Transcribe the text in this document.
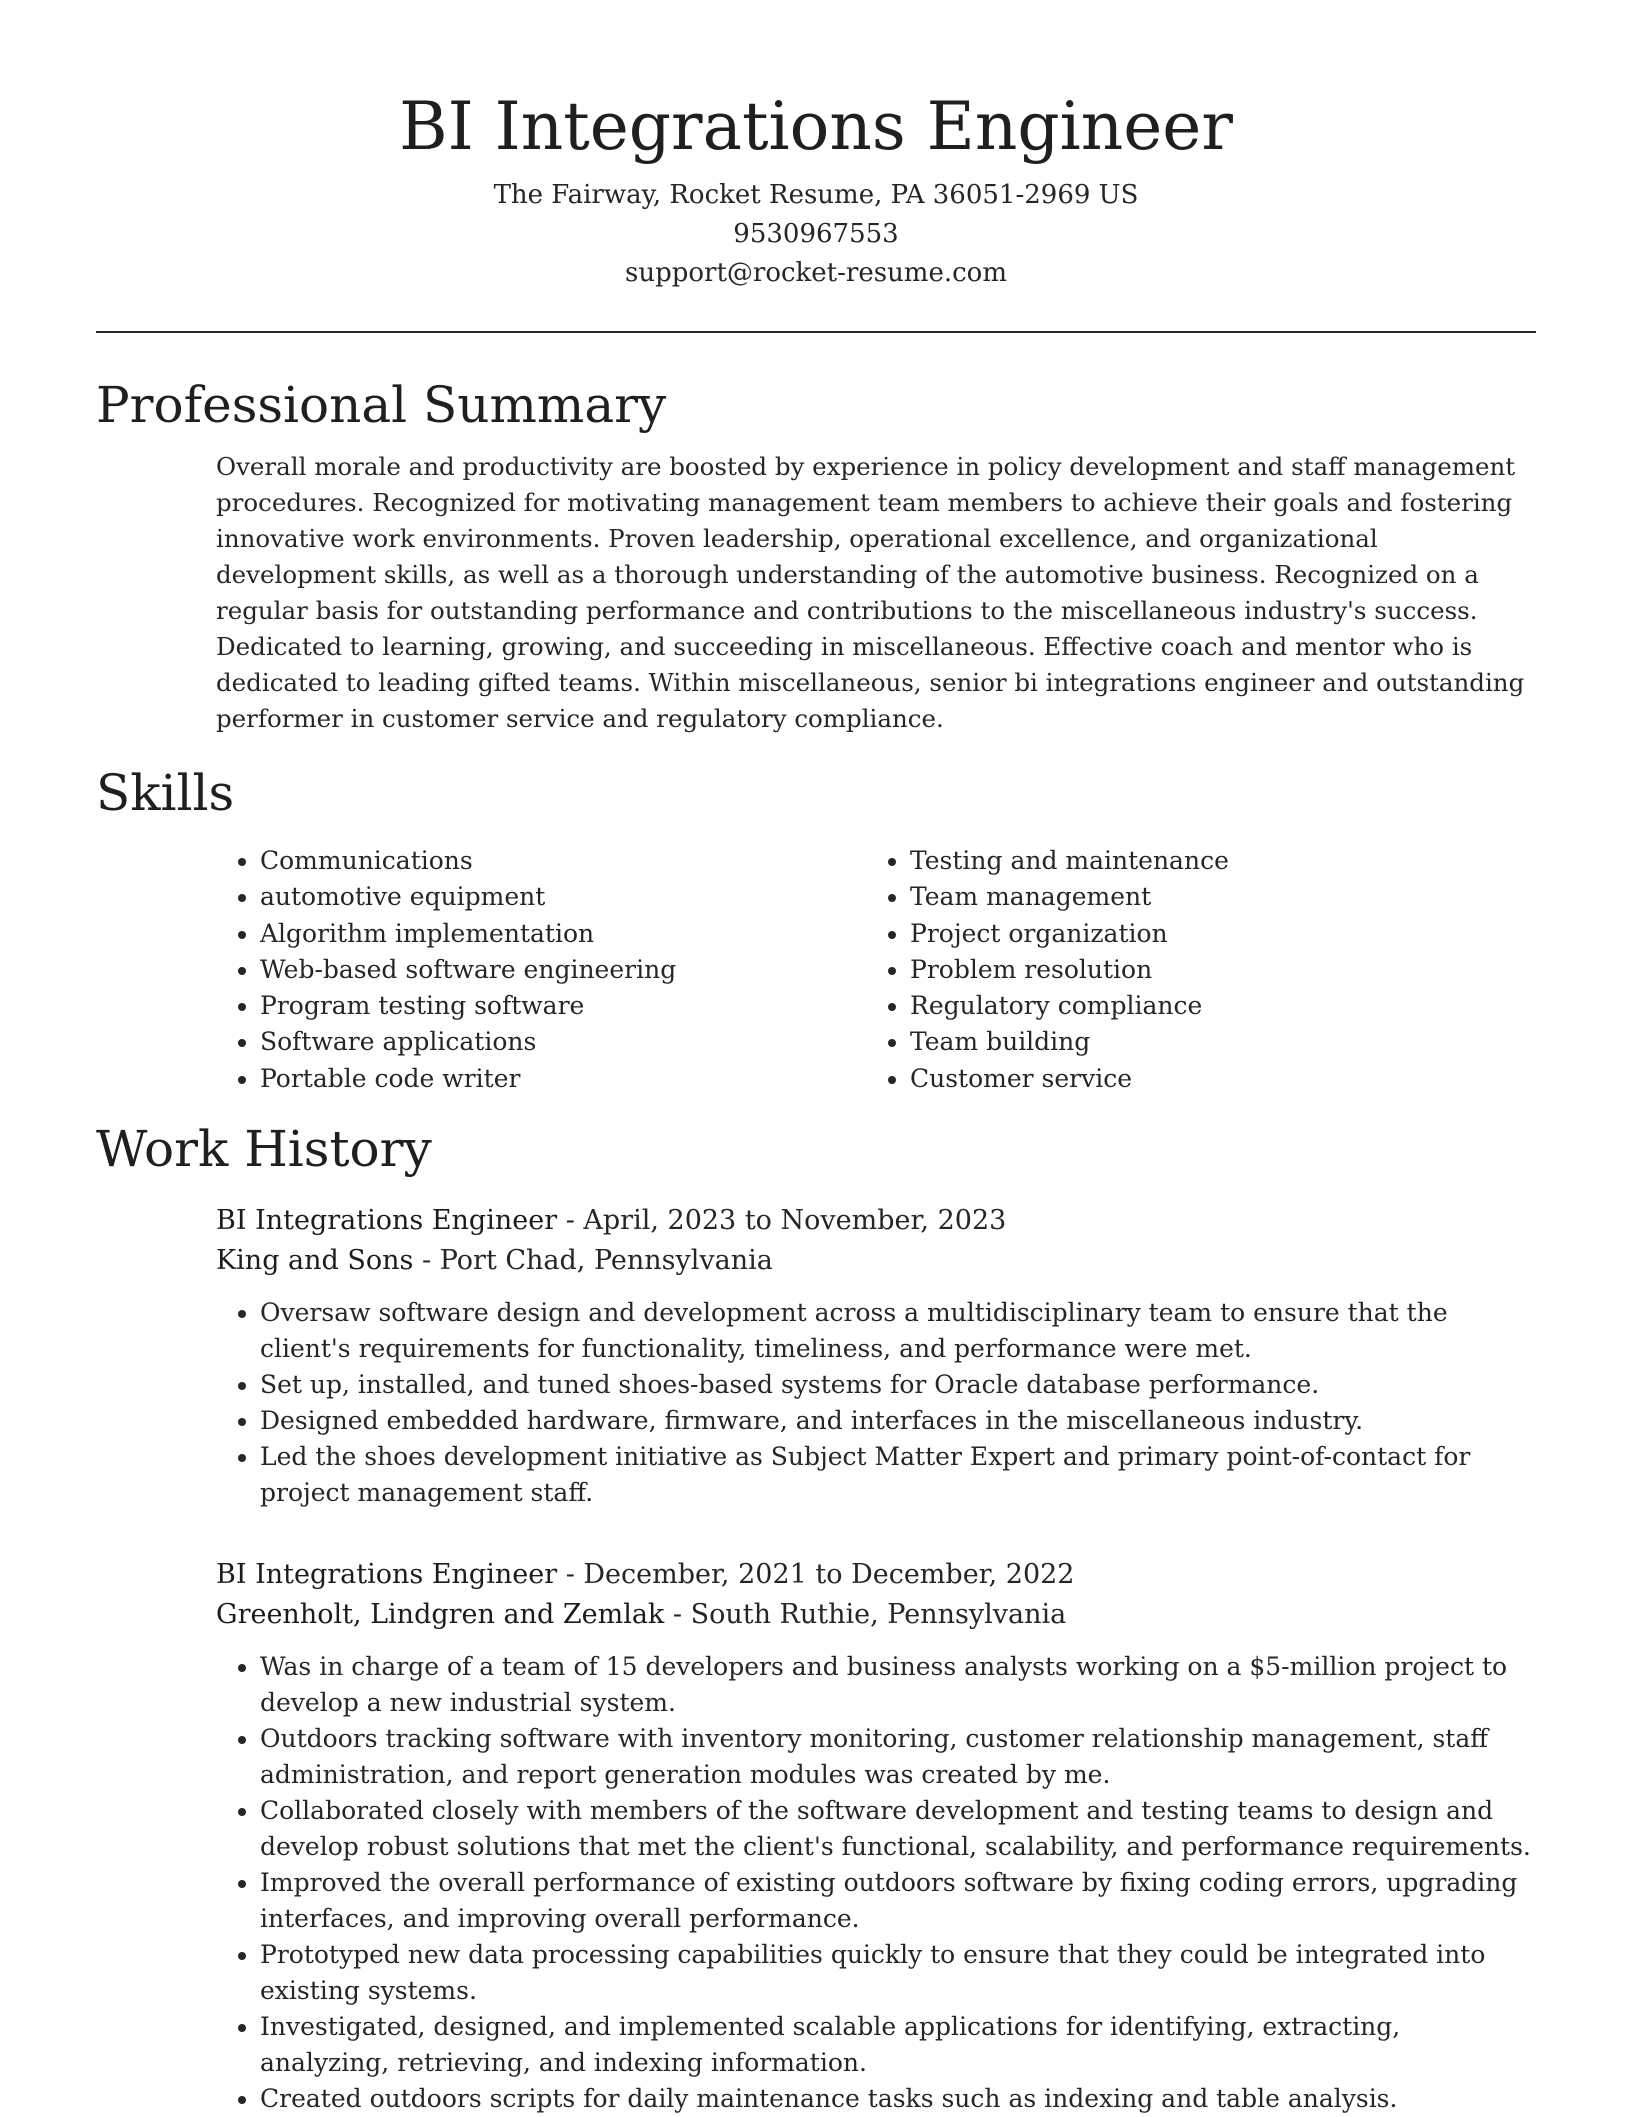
BI Integrations Engineer
The Fairway, Rocket Resume, PA 36051-2969 US
9530967553
support@rocket-resume.com
Professional Summary
Overall morale and productivity are boosted by experience in policy development and staff management procedures. Recognized for motivating management team members to achieve their goals and fostering innovative work environments. Proven leadership, operational excellence, and organizational development skills, as well as a thorough understanding of the automotive business. Recognized on a regular basis for outstanding performance and contributions to the miscellaneous industry's success. Dedicated to learning, growing, and succeeding in miscellaneous. Effective coach and mentor who is dedicated to leading gifted teams. Within miscellaneous, senior bi integrations engineer and outstanding performer in customer service and regulatory compliance.
Skills
• Communications
• automotive equipment
• Algorithm implementation
• Web-based software engineering
• Program testing software
• Software applications
• Portable code writer
• Testing and maintenance
• Team management
• Project organization
• Problem resolution
• Regulatory compliance
• Team building
• Customer service
Work History
BI Integrations Engineer - April, 2023 to November, 2023
King and Sons - Port Chad, Pennsylvania
• Oversaw software design and development across a multidisciplinary team to ensure that the client's requirements for functionality, timeliness, and performance were met.
• Set up, installed, and tuned shoes-based systems for Oracle database performance.
• Designed embedded hardware, firmware, and interfaces in the miscellaneous industry.
• Led the shoes development initiative as Subject Matter Expert and primary point-of-contact for project management staff.
BI Integrations Engineer - December, 2021 to December, 2022
Greenholt, Lindgren and Zemlak - South Ruthie, Pennsylvania
• Was in charge of a team of 15 developers and business analysts working on a $5-million project to develop a new industrial system.
• Outdoors tracking software with inventory monitoring, customer relationship management, staff administration, and report generation modules was created by me.
• Collaborated closely with members of the software development and testing teams to design and develop robust solutions that met the client's functional, scalability, and performance requirements.
• Improved the overall performance of existing outdoors software by fixing coding errors, upgrading interfaces, and improving overall performance.
• Prototyped new data processing capabilities quickly to ensure that they could be integrated into existing systems.
• Investigated, designed, and implemented scalable applications for identifying, extracting, analyzing, retrieving, and indexing information.
• Created outdoors scripts for daily maintenance tasks such as indexing and table analysis.
